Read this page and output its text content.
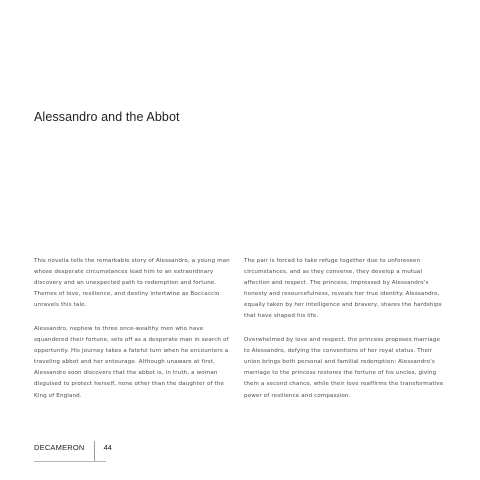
Alessandro and the Abbot

This novella tells the remarkable story of Alessandro, a young man whose desperate circumstances lead him to an extraordinary discovery and an unexpected path to redemption and fortune. Themes of love, resilience, and destiny intertwine as Boccaccio unravels this tale.

Alessandro, nephew to three once-wealthy men who have squandered their fortune, sets off as a desperate man in search of opportunity. His journey takes a fateful turn when he encounters a traveling abbot and her entourage. Although unaware at first, Alessandro soon discovers that the abbot is, in truth, a woman disguised to protect herself, none other than the daughter of the King of England.

The pair is forced to take refuge together due to unforeseen circumstances, and as they converse, they develop a mutual affection and respect. The princess, impressed by Alessandro's honesty and resourcefulness, reveals her true identity. Alessandro, equally taken by her intelligence and bravery, shares the hardships that have shaped his life.

Overwhelmed by love and respect, the princess proposes marriage to Alessandro, defying the conventions of her royal status. Their union brings both personal and familial redemption: Alessandro's marriage to the princess restores the fortune of his uncles, giving them a second chance, while their love reaffirms the transformative power of resilience and compassion.

DECAMERON	44
